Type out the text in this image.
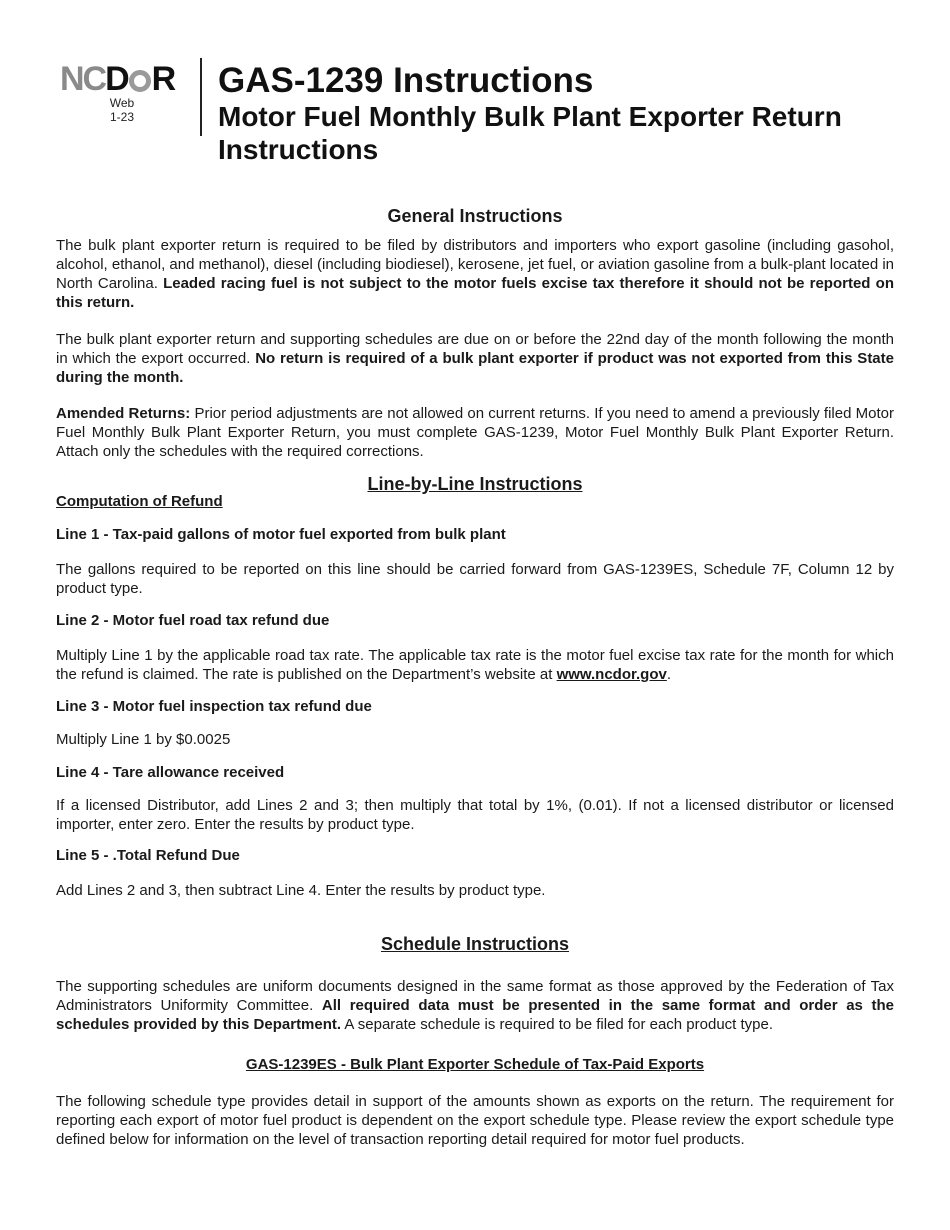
NCD R
Web
1-23
GAS-1239 Instructions
Motor Fuel Monthly Bulk Plant Exporter Return Instructions
General Instructions

The bulk plant exporter return is required to be filed by distributors and importers who export gasoline (including gasohol, alcohol, ethanol, and methanol), diesel (including biodiesel), kerosene, jet fuel, or aviation gasoline from a bulk-plant located in North Carolina. Leaded racing fuel is not subject to the motor fuels excise tax therefore it should not be reported on this return.

The bulk plant exporter return and supporting schedules are due on or before the 22nd day of the month following the month in which the export occurred. No return is required of a bulk plant exporter if product was not exported from this State during the month.

Amended Returns: Prior period adjustments are not allowed on current returns. If you need to amend a previously filed Motor Fuel Monthly Bulk Plant Exporter Return, you must complete GAS-1239, Motor Fuel Monthly Bulk Plant Exporter Return. Attach only the schedules with the required corrections.

Line-by-Line Instructions
Computation of Refund
Line 1 - Tax-paid gallons of motor fuel exported from bulk plant

The gallons required to be reported on this line should be carried forward from GAS-1239ES, Schedule 7F, Column 12 by product type.

Line 2 - Motor fuel road tax refund due

Multiply Line 1 by the applicable road tax rate. The applicable tax rate is the motor fuel excise tax rate for the month for which the refund is claimed. The rate is published on the Department’s website at www.ncdor.gov.

Line 3 - Motor fuel inspection tax refund due

Multiply Line 1 by $0.0025

Line 4 - Tare allowance received

If a licensed Distributor, add Lines 2 and 3; then multiply that total by 1%, (0.01). If not a licensed distributor or licensed importer, enter zero. Enter the results by product type.

Line 5 - .Total Refund Due

Add Lines 2 and 3, then subtract Line 4. Enter the results by product type.

Schedule Instructions

The supporting schedules are uniform documents designed in the same format as those approved by the Federation of Tax Administrators Uniformity Committee. All required data must be presented in the same format and order as the schedules provided by this Department. A separate schedule is required to be filed for each product type.

GAS-1239ES - Bulk Plant Exporter Schedule of Tax-Paid Exports

The following schedule type provides detail in support of the amounts shown as exports on the return. The requirement for reporting each export of motor fuel product is dependent on the export schedule type. Please review the export schedule type defined below for information on the level of transaction reporting detail required for motor fuel products.
